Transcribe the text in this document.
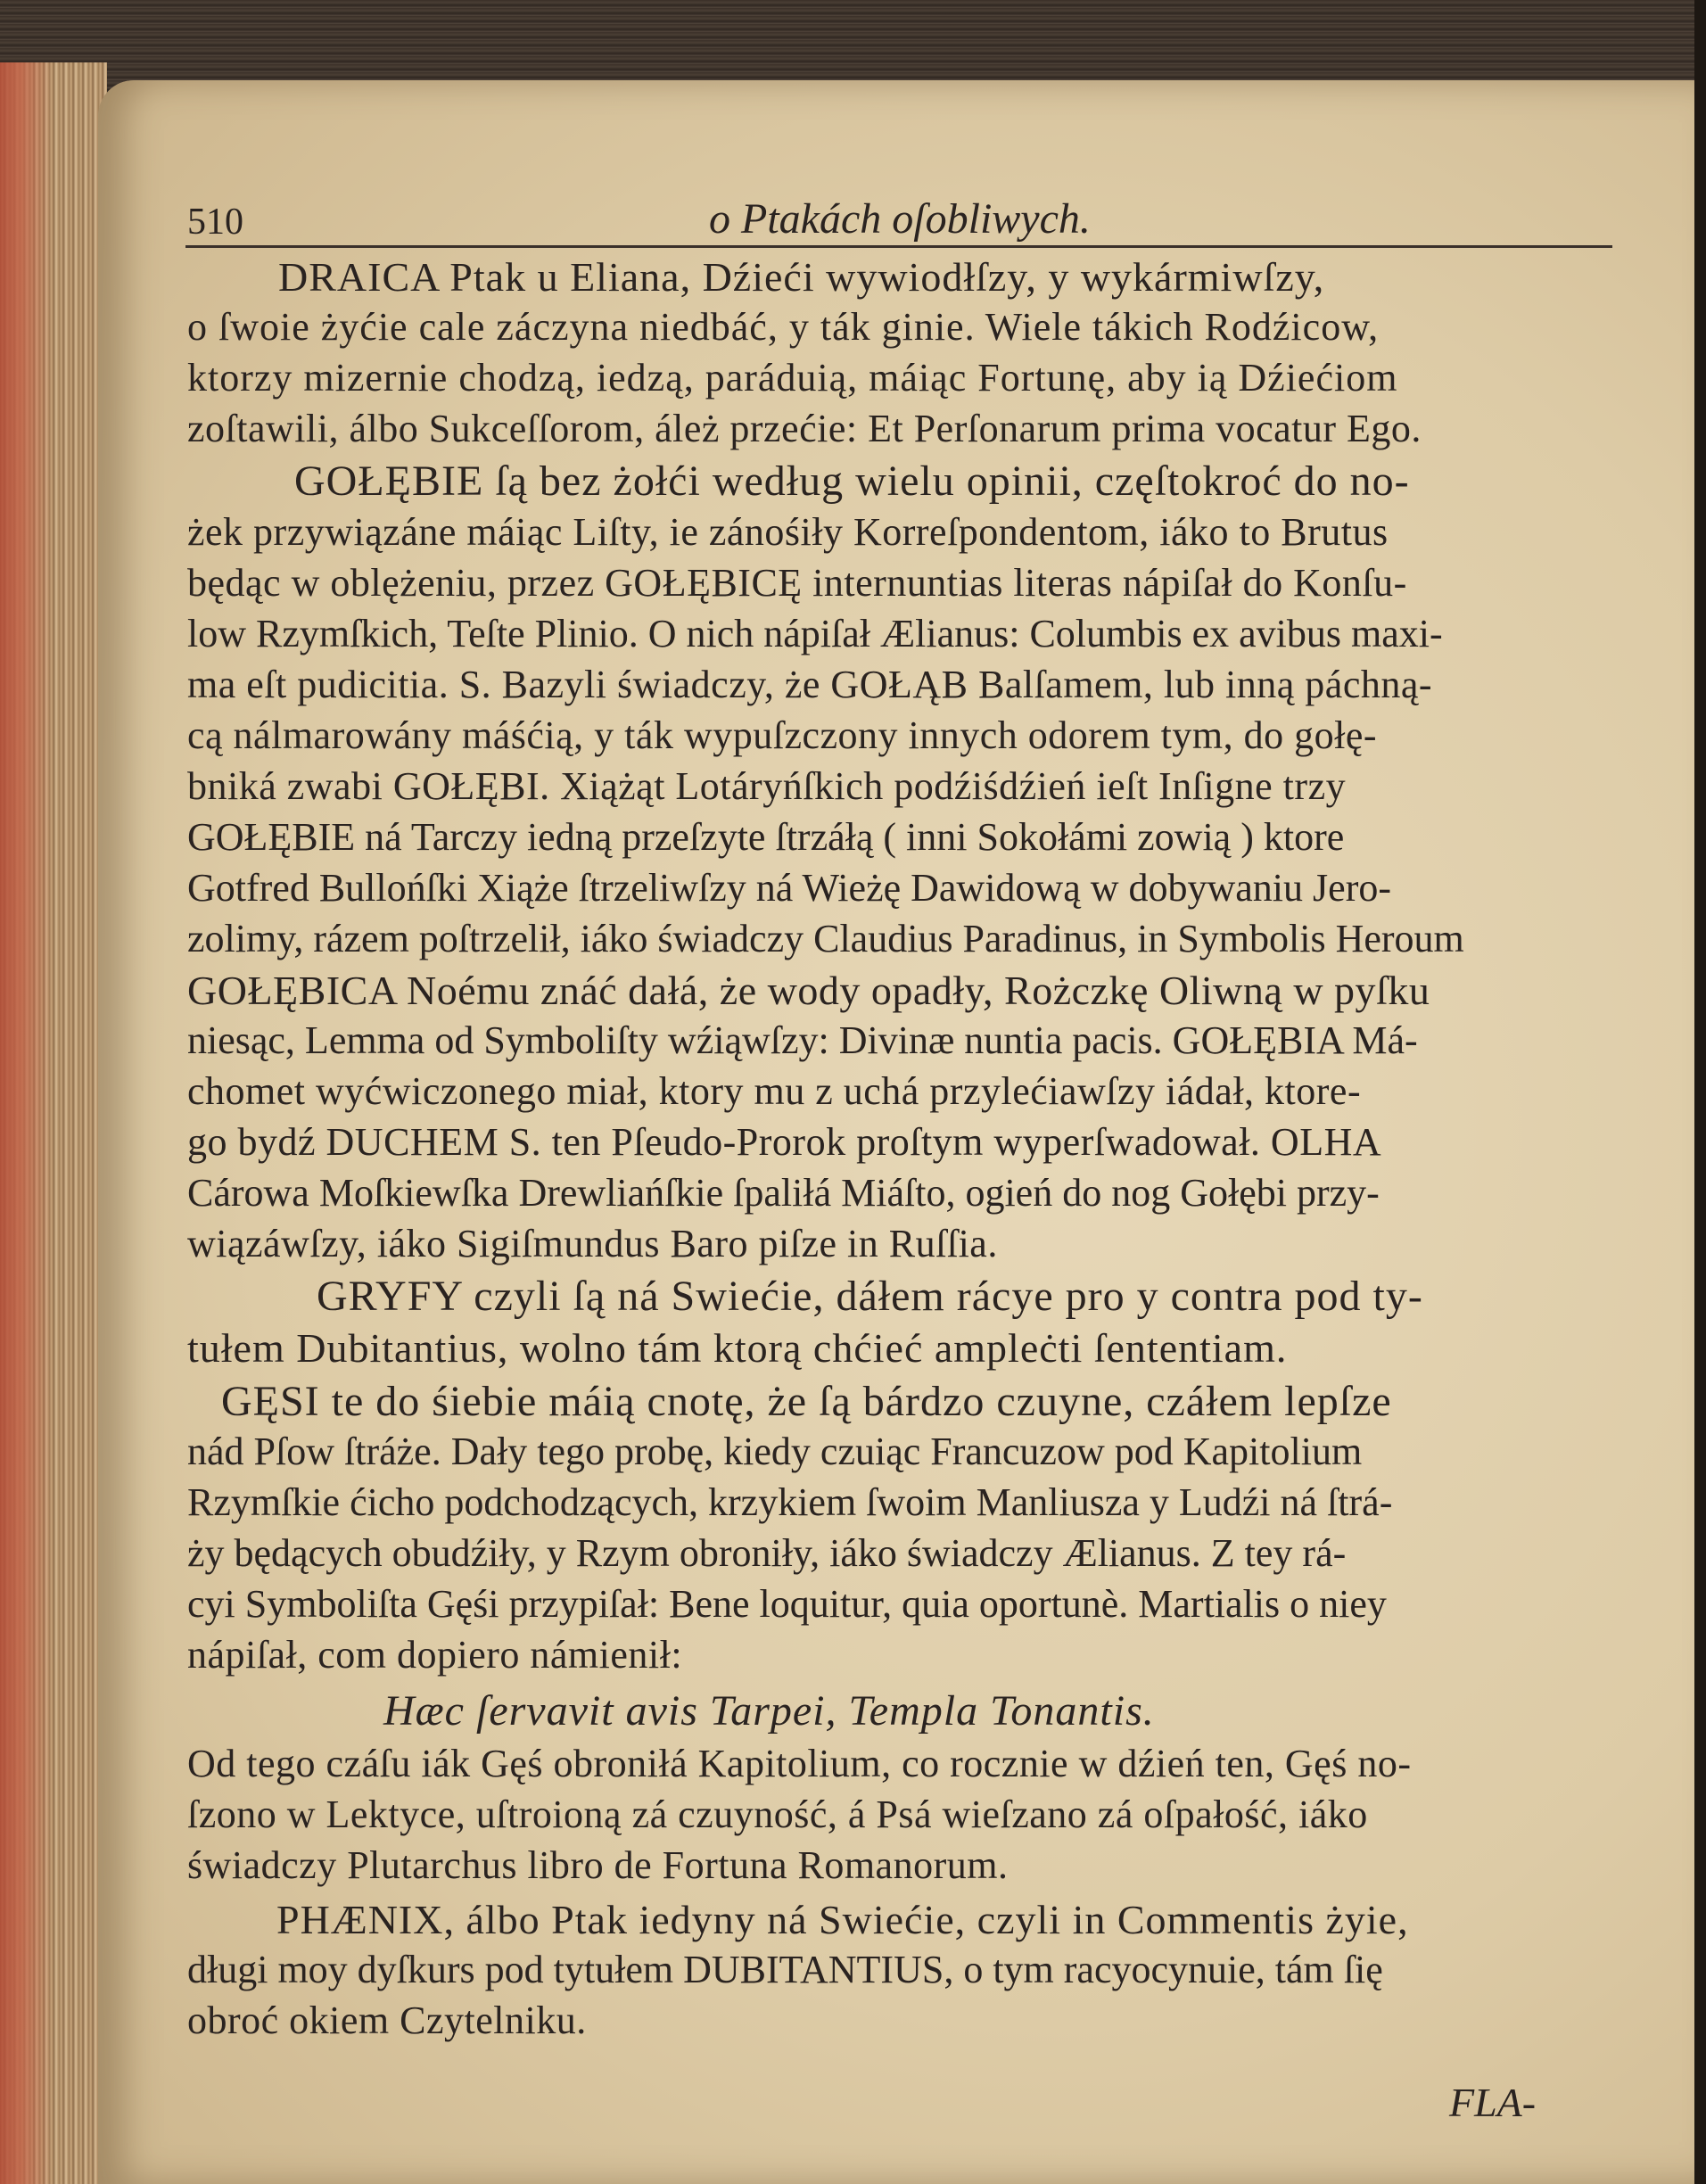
510	o Ptakách oſobliwych.
DRAICA Ptak u Eliana, Dźieći wywiodłſzy, y wykármiwſzy,
o ſwoie żyćie cale záczyna niedbáć, y ták ginie. Wiele tákich Rodźicow,
ktorzy mizernie chodzą, iedzą, paráduią, máiąc Fortunę, aby ią Dźiećiom
zoſtawili, álbo Sukceſſorom, áleż przećie: Et Perſonarum prima vocatur Ego.
GOŁĘBIE ſą bez żołći według wielu opinii, częſtokroć do no-
żek przywiązáne máiąc Liſty, ie zánośiły Korreſpondentom, iáko to Brutus
będąc w oblężeniu, przez GOŁĘBICĘ internuntias literas nápiſał do Konſu-
low Rzymſkich, Teſte Plinio. O nich nápiſał Ælianus: Columbis ex avibus maxi-
ma eſt pudicitia. S. Bazyli świadczy, że GOŁĄB Balſamem, lub inną páchną-
cą nálmarowány máśćią, y ták wypuſzczony innych odorem tym, do gołę-
bniká zwabi GOŁĘBI. Xiążąt Lotáryńſkich podźiśdźień ieſt Inſigne trzy
GOŁĘBIE ná Tarczy iedną przeſzyte ſtrzáłą ( inni Sokołámi zowią ) ktore
Gotfred Bullońſki Xiąże ſtrzeliwſzy ná Wieżę Dawidową w dobywaniu Jero-
zolimy, rázem poſtrzelił, iáko świadczy Claudius Paradinus, in Symbolis Heroum
GOŁĘBICA Noému znáć dałá, że wody opadły, Rożczkę Oliwną w pyſku
niesąc, Lemma od Symboliſty wźiąwſzy: Divinæ nuntia pacis. GOŁĘBIA Má-
chomet wyćwiczonego miał, ktory mu z uchá przylećiawſzy iádał, ktore-
go bydź DUCHEM S. ten Pſeudo-Prorok proſtym wyperſwadował. OLHA
Cárowa Moſkiewſka Drewliańſkie ſpaliłá Miáſto, ogień do nog Gołębi przy-
wiązáwſzy, iáko Sigiſmundus Baro piſze in Ruſſia.
GRYFY czyli ſą ná Swiećie, dáłem rácye pro y contra pod ty-
tułem Dubitantius, wolno tám ktorą chćieć ampleċti ſententiam.
GĘSI te do śiebie máią cnotę, że ſą bárdzo czuyne, czáłem lepſze
nád Pſow ſtráże. Dały tego probę, kiedy czuiąc Francuzow pod Kapitolium
Rzymſkie ćicho podchodzących, krzykiem ſwoim Manliusza y Ludźi ná ſtrá-
ży będących obudźiły, y Rzym obroniły, iáko świadczy Ælianus. Z tey rá-
cyi Symboliſta Gęśi przypiſał: Bene loquitur, quia oportunè. Martialis o niey
nápiſał, com dopiero námienił:
Hæc ſervavit avis Tarpei, Templa Tonantis.
Od tego czáſu iák Gęś obroniłá Kapitolium, co rocznie w dźień ten, Gęś no-
ſzono w Lektyce, uſtroioną zá czuyność, á Psá wieſzano zá oſpałość, iáko
świadczy Plutarchus libro de Fortuna Romanorum.
PHÆNIX, álbo Ptak iedyny ná Swiećie, czyli in Commentis żyie,
długi moy dyſkurs pod tytułem DUBITANTIUS, o tym racyocynuie, tám ſię
obroć okiem Czytelniku.
FLA-
